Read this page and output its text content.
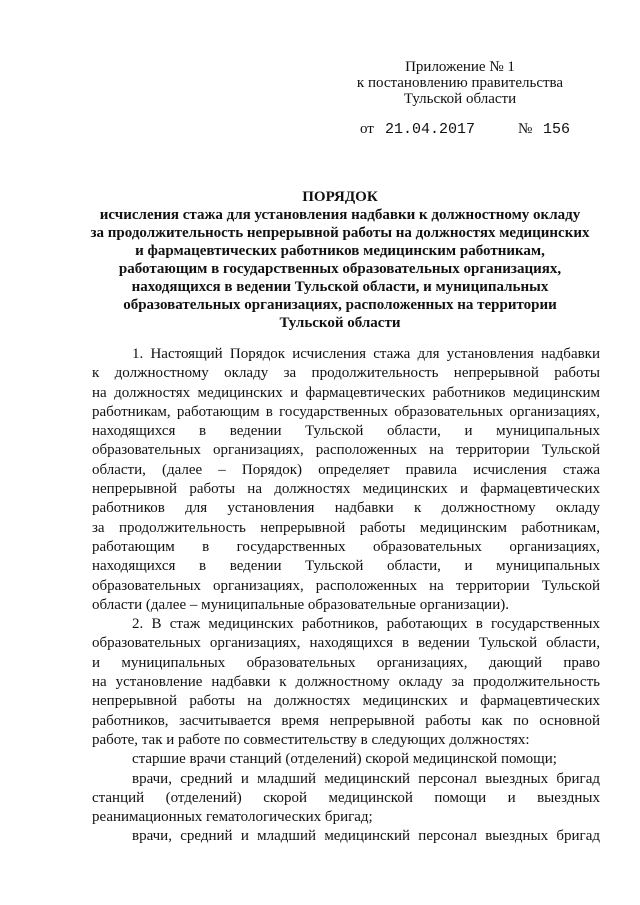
Приложение № 1
к постановлению правительства
Тульской области
от 21.04.2017	№ 156
ПОРЯДОК
исчисления стажа для установления надбавки к должностному окладу
за продолжительность непрерывной работы на должностях медицинских
и фармацевтических работников медицинским работникам,
работающим в государственных образовательных организациях,
находящихся в ведении Тульской области, и муниципальных
образовательных организациях, расположенных на территории
Тульской области
1. Настоящий Порядок исчисления стажа для установления надбавки
к должностному окладу за продолжительность непрерывной работы
на должностях медицинских и фармацевтических работников медицинским
работникам, работающим в государственных образовательных организациях,
находящихся в ведении Тульской области, и муниципальных
образовательных организациях, расположенных на территории Тульской
области, (далее – Порядок) определяет правила исчисления стажа
непрерывной работы на должностях медицинских и фармацевтических
работников для установления надбавки к должностному окладу
за продолжительность непрерывной работы медицинским работникам,
работающим в государственных образовательных организациях,
находящихся в ведении Тульской области, и муниципальных
образовательных организациях, расположенных на территории Тульской
области (далее – муниципальные образовательные организации).
2. В стаж медицинских работников, работающих в государственных
образовательных организациях, находящихся в ведении Тульской области,
и муниципальных образовательных организациях, дающий право
на установление надбавки к должностному окладу за продолжительность
непрерывной работы на должностях медицинских и фармацевтических
работников, засчитывается время непрерывной работы как по основной
работе, так и работе по совместительству в следующих должностях:
старшие врачи станций (отделений) скорой медицинской помощи;
врачи, средний и младший медицинский персонал выездных бригад
станций (отделений) скорой медицинской помощи и выездных
реанимационных гематологических бригад;
врачи, средний и младший медицинский персонал выездных бригад
